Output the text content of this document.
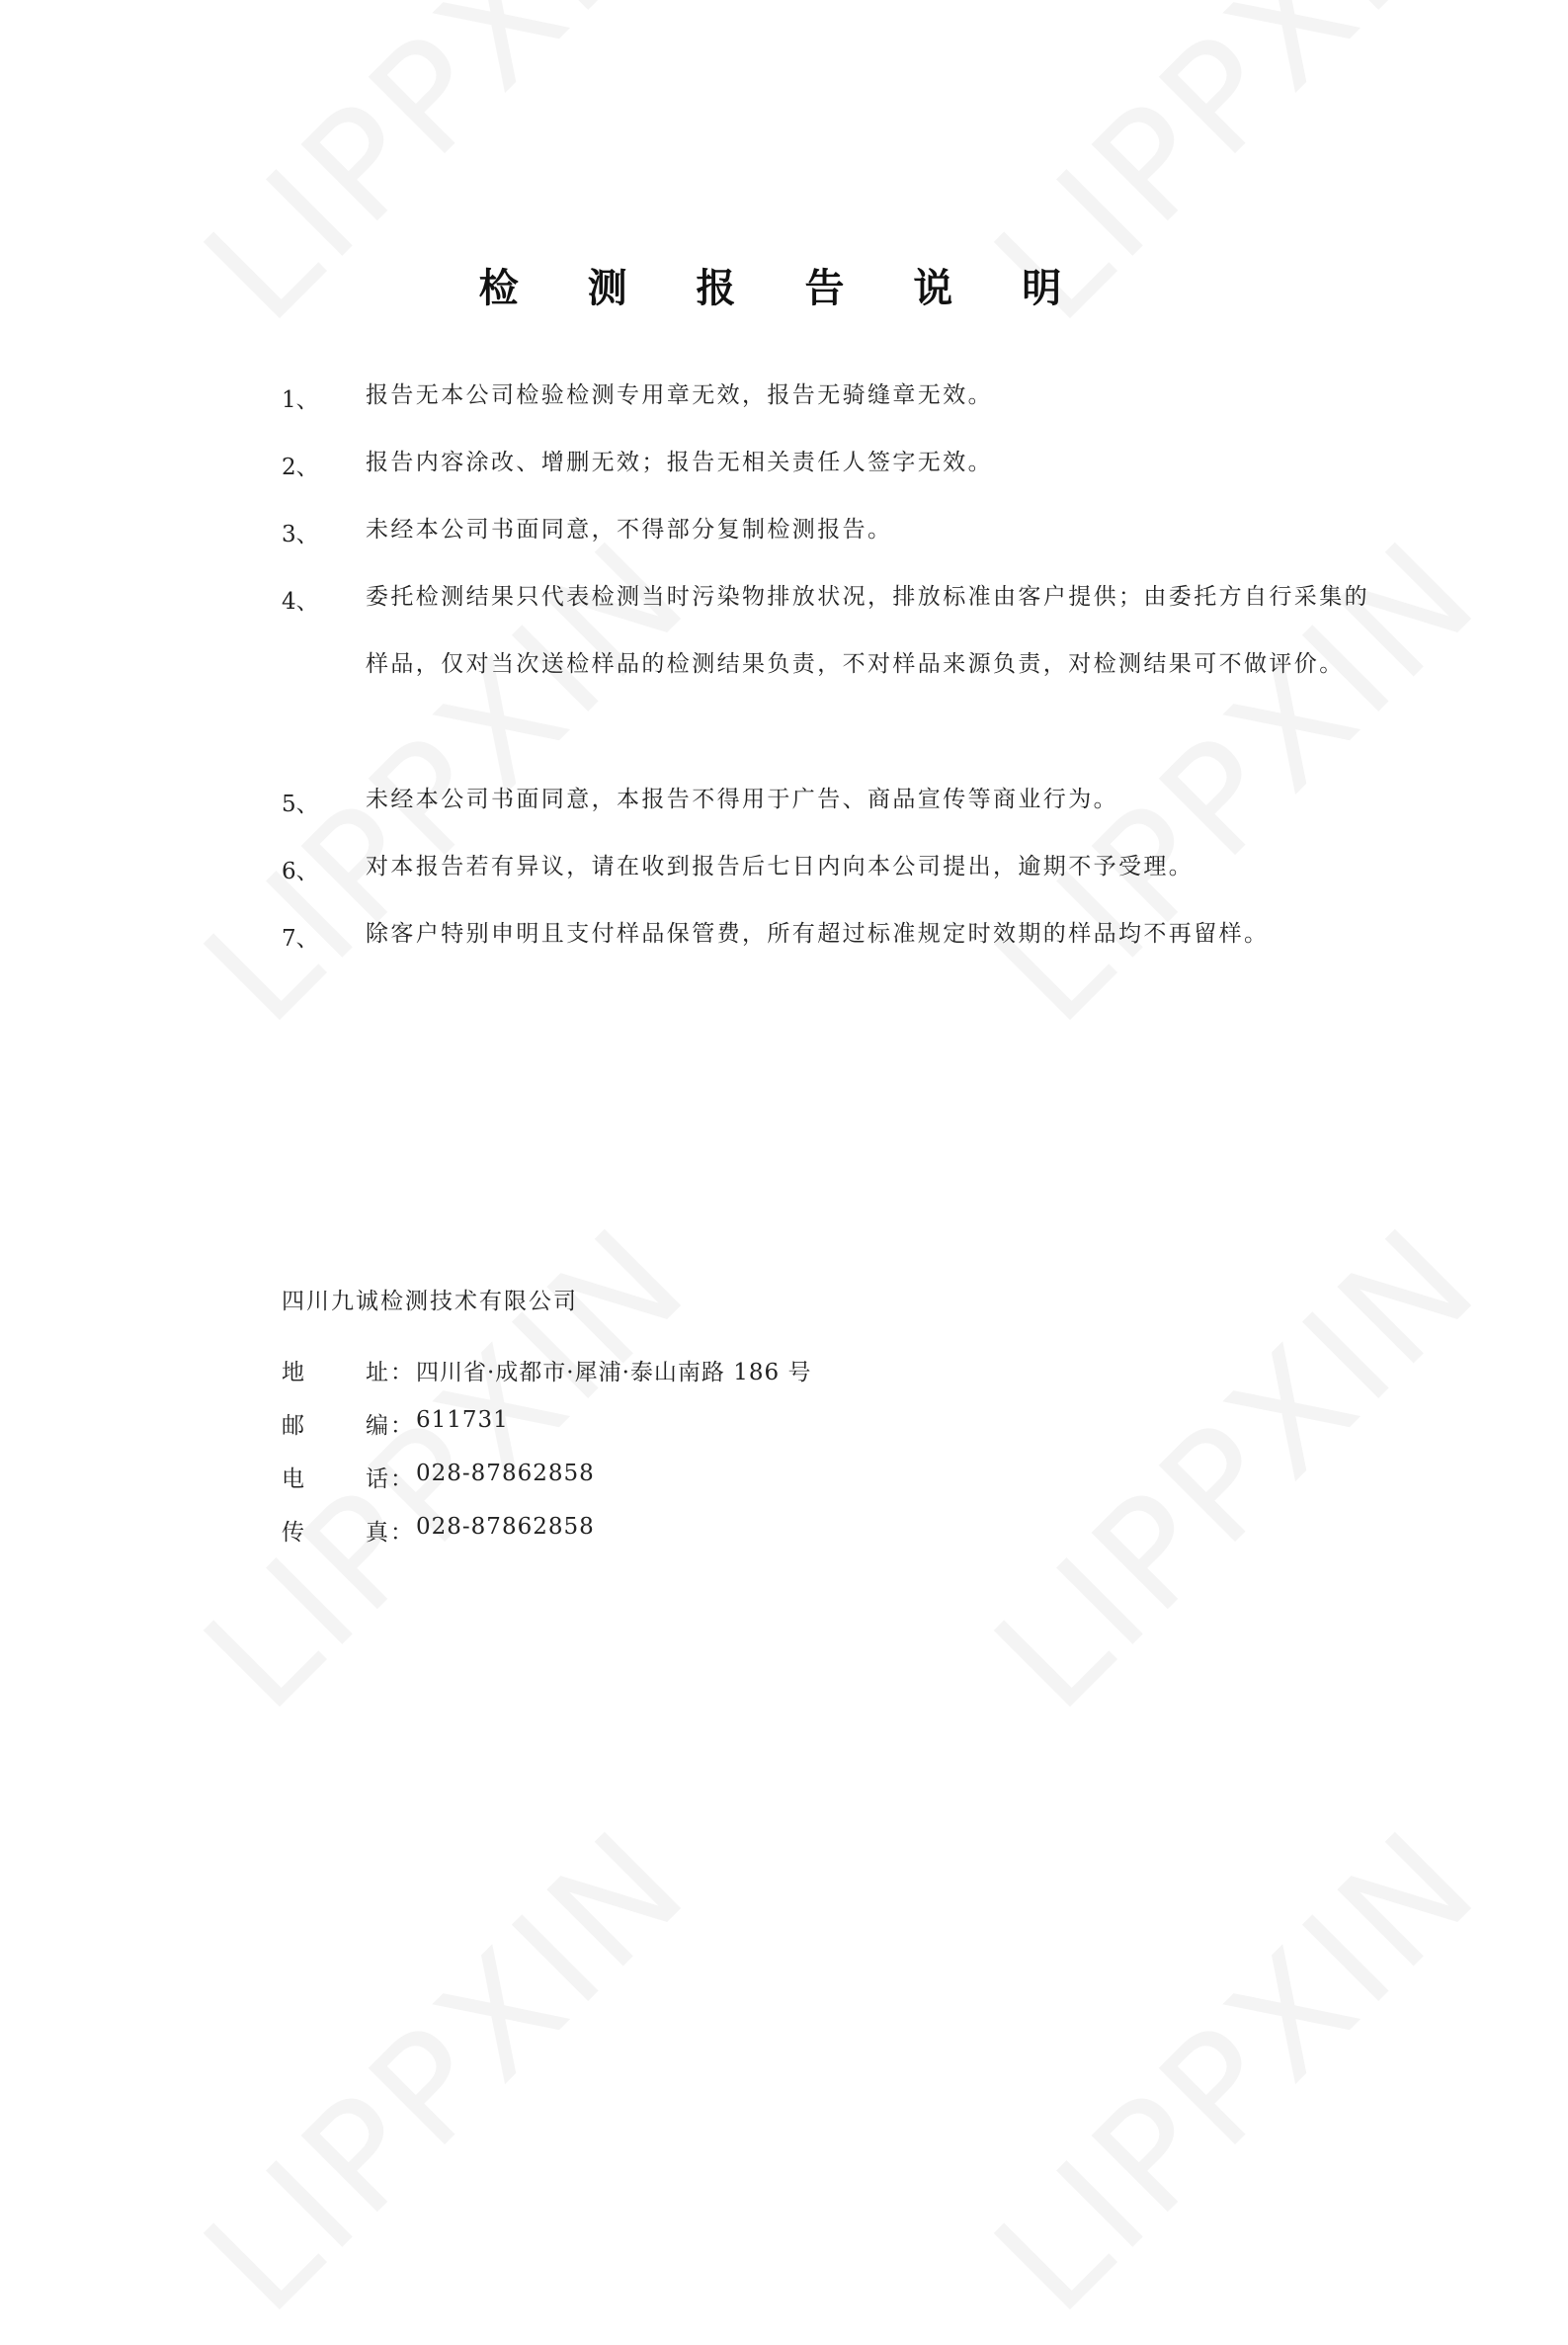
检 测 报 告 说 明
1、 报告无本公司检验检测专用章无效，报告无骑缝章无效。
2、 报告内容涂改、增删无效；报告无相关责任人签字无效。
3、 未经本公司书面同意，不得部分复制检测报告。
4、 委托检测结果只代表检测当时污染物排放状况，排放标准由客户提供；由委托方自行采集的样品，仅对当次送检样品的检测结果负责，不对样品来源负责，对检测结果可不做评价。
5、 未经本公司书面同意，本报告不得用于广告、商品宣传等商业行为。
6、 对本报告若有异议，请在收到报告后七日内向本公司提出，逾期不予受理。
7、 除客户特别申明且支付样品保管费，所有超过标准规定时效期的样品均不再留样。
四川九诚检测技术有限公司
地	址 ： 四川省·成都市·犀浦·泰山南路 186 号
邮	编 ： 611731
电	话 ： 028-87862858
传	真 ： 028-87862858
